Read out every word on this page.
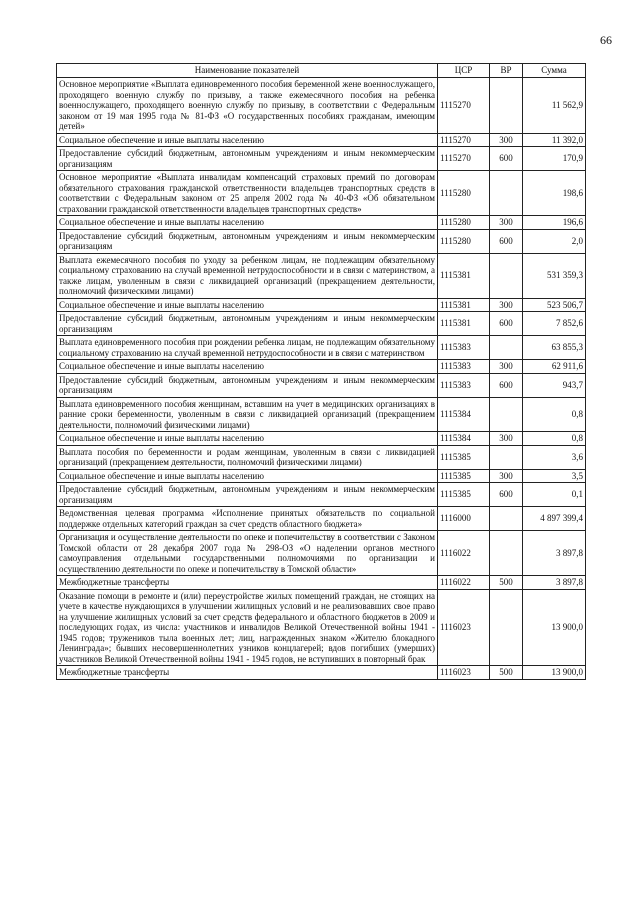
66
Наименование показателей	ЦСР	ВР	Сумма
Основное мероприятие «Выплата единовременного пособия беременной жене военнослужащего, проходящего военную службу по призыву, а также ежемесячного пособия на ребенка военнослужащего, проходящего военную службу по призыву, в соответствии с Федеральным законом от 19 мая 1995 года № 81-ФЗ «О государственных пособиях гражданам, имеющим детей»	1115270		11 562,9
Социальное обеспечение и иные выплаты населению	1115270	300	11 392,0
Предоставление субсидий бюджетным, автономным учреждениям и иным некоммерческим организациям	1115270	600	170,9
Основное мероприятие «Выплата инвалидам компенсаций страховых премий по договорам обязательного страхования гражданской ответственности владельцев транспортных средств в соответствии с Федеральным законом от 25 апреля 2002 года № 40-ФЗ «Об обязательном страховании гражданской ответственности владельцев транспортных средств»	1115280		198,6
Социальное обеспечение и иные выплаты населению	1115280	300	196,6
Предоставление субсидий бюджетным, автономным учреждениям и иным некоммерческим организациям	1115280	600	2,0
Выплата ежемесячного пособия по уходу за ребенком лицам, не подлежащим обязательному социальному страхованию на случай временной нетрудоспособности и в связи с материнством, а также лицам, уволенным в связи с ликвидацией организаций (прекращением деятельности, полномочий физическими лицами)	1115381		531 359,3
Социальное обеспечение и иные выплаты населению	1115381	300	523 506,7
Предоставление субсидий бюджетным, автономным учреждениям и иным некоммерческим организациям	1115381	600	7 852,6
Выплата единовременного пособия при рождении ребенка лицам, не подлежащим обязательному социальному страхованию на случай временной нетрудоспособности и в связи с материнством	1115383		63 855,3
Социальное обеспечение и иные выплаты населению	1115383	300	62 911,6
Предоставление субсидий бюджетным, автономным учреждениям и иным некоммерческим организациям	1115383	600	943,7
Выплата единовременного пособия женщинам, вставшим на учет в медицинских организациях в ранние сроки беременности, уволенным в связи с ликвидацией организаций (прекращением деятельности, полномочий физическими лицами)	1115384		0,8
Социальное обеспечение и иные выплаты населению	1115384	300	0,8
Выплата пособия по беременности и родам женщинам, уволенным в связи с ликвидацией организаций (прекращением деятельности, полномочий физическими лицами)	1115385		3,6
Социальное обеспечение и иные выплаты населению	1115385	300	3,5
Предоставление субсидий бюджетным, автономным учреждениям и иным некоммерческим организациям	1115385	600	0,1
Ведомственная целевая программа «Исполнение принятых обязательств по социальной поддержке отдельных категорий граждан за счет средств областного бюджета»	1116000		4 897 399,4
Организация и осуществление деятельности по опеке и попечительству в соответствии с Законом Томской области от 28 декабря 2007 года № 298-ОЗ «О наделении органов местного самоуправления отдельными государственными полномочиями по организации и осуществлению деятельности по опеке и попечительству в Томской области»	1116022		3 897,8
Межбюджетные трансферты	1116022	500	3 897,8
Оказание помощи в ремонте и (или) переустройстве жилых помещений граждан, не стоящих на учете в качестве нуждающихся в улучшении жилищных условий и не реализовавших свое право на улучшение жилищных условий за счет средств федерального и областного бюджетов в 2009 и последующих годах, из числа: участников и инвалидов Великой Отечественной войны 1941 - 1945 годов; тружеников тыла военных лет; лиц, награжденных знаком «Жителю блокадного Ленинграда»; бывших несовершеннолетних узников концлагерей; вдов погибших (умерших) участников Великой Отечественной войны 1941 - 1945 годов, не вступивших в повторный брак	1116023		13 900,0
Межбюджетные трансферты	1116023	500	13 900,0
